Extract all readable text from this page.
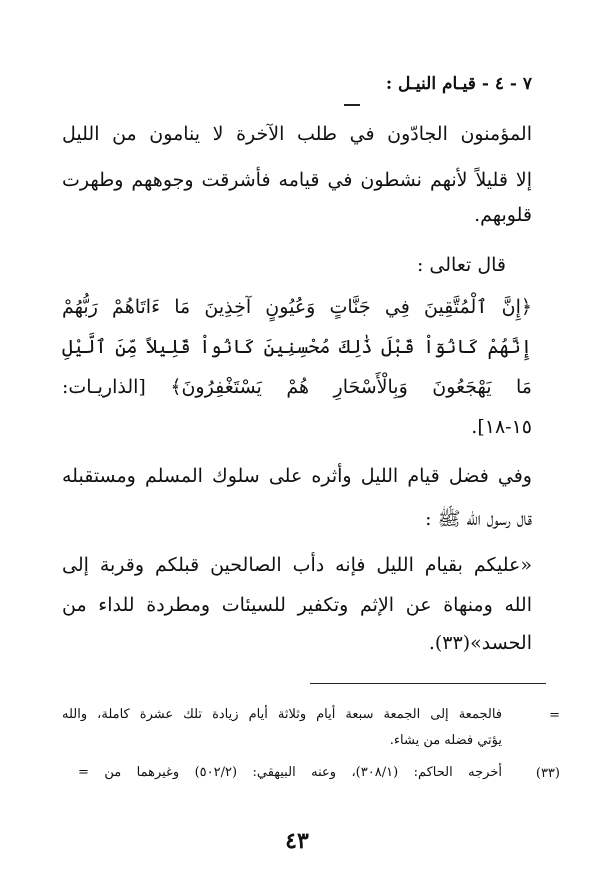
٧ - ٤ - قيـام النيـل :
المؤمنون الجادّون في طلب الآخرة لا ينامون من الليل
إلا قليلاً لأنهم نشطون في قيامه فأشرقت وجوههم وطهرت
قلوبهم.
قال تعالى :
﴿إِنَّ ٱلْمُتَّقِينَ فِي جَنَّاتٍ وَعُيُونٍ آخِذِينَ مَا ءَاتَاهُمْ رَبُّهُمْ
إِنَّهُمْ كَانُوٓاْ قَبْلَ ذَٰلِكَ مُحْسِنِينَ كَانُواْ قَلِيلاً مِّنَ ٱلَّيْلِ
مَا يَهْجَعُونَ وَبِالْأَسْحَارِ هُمْ يَسْتَغْفِرُونَ﴾ [الذاريـات:
١٥-١٨].
وفي فضل قيام الليل وأثره على سلوك المسلم ومستقبله
قال رسول الله ﷺ :
«عليكم بقيام الليل فإنه دأب الصالحين قبلكم وقربة إلى
الله ومنهاة عن الإثم وتكفير للسيئات ومطردة للداء من
الحسد»(٣٣).
=
فالجمعة إلى الجمعة سبعة أيام وثلاثة أيام زيادة تلك عشرة كاملة، والله
يؤتي فضله من يشاء.
(٣٣)
أخرجه الحاكم: (٣٠٨/١)، وعنه البيهقي: (٥٠٢/٢) وغيرهما من =
٤٣
